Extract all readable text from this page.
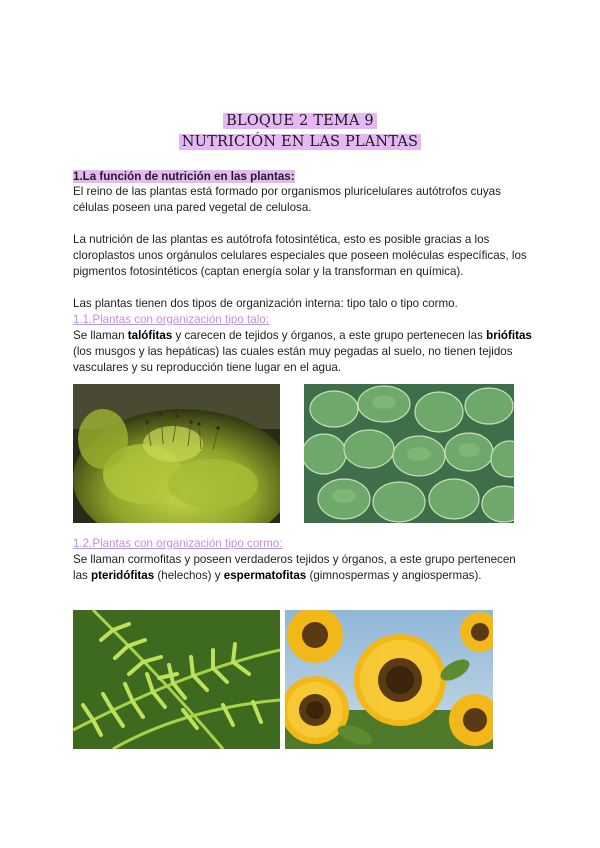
BLOQUE 2 TEMA 9
NUTRICIÓN EN LAS PLANTAS
1.La función de nutrición en las plantas:
El reino de las plantas está formado por organismos pluricelulares autótrofos cuyas células poseen una pared vegetal de celulosa.
La nutrición de las plantas es autótrofa fotosintética, esto es posible gracias a los cloroplastos unos orgánulos celulares especiales que poseen moléculas específicas, los pigmentos fotosintéticos (captan energía solar y la transforman en química).
Las plantas tienen dos tipos de organización interna: tipo talo o tipo cormo.
1.1.Plantas con organización tipo talo:
Se llaman talófitas y carecen de tejidos y órganos, a este grupo pertenecen las briófitas (los musgos y las hepáticas) las cuales están muy pegadas al suelo, no tienen tejidos vasculares y su reproducción tiene lugar en el agua.
1.2.Plantas con organización tipo cormo:
Se llaman cormofitas y poseen verdaderos tejidos y órganos, a este grupo pertenecen las pteridófitas (helechos) y espermatofitas (gimnospermas y angiospermas).
